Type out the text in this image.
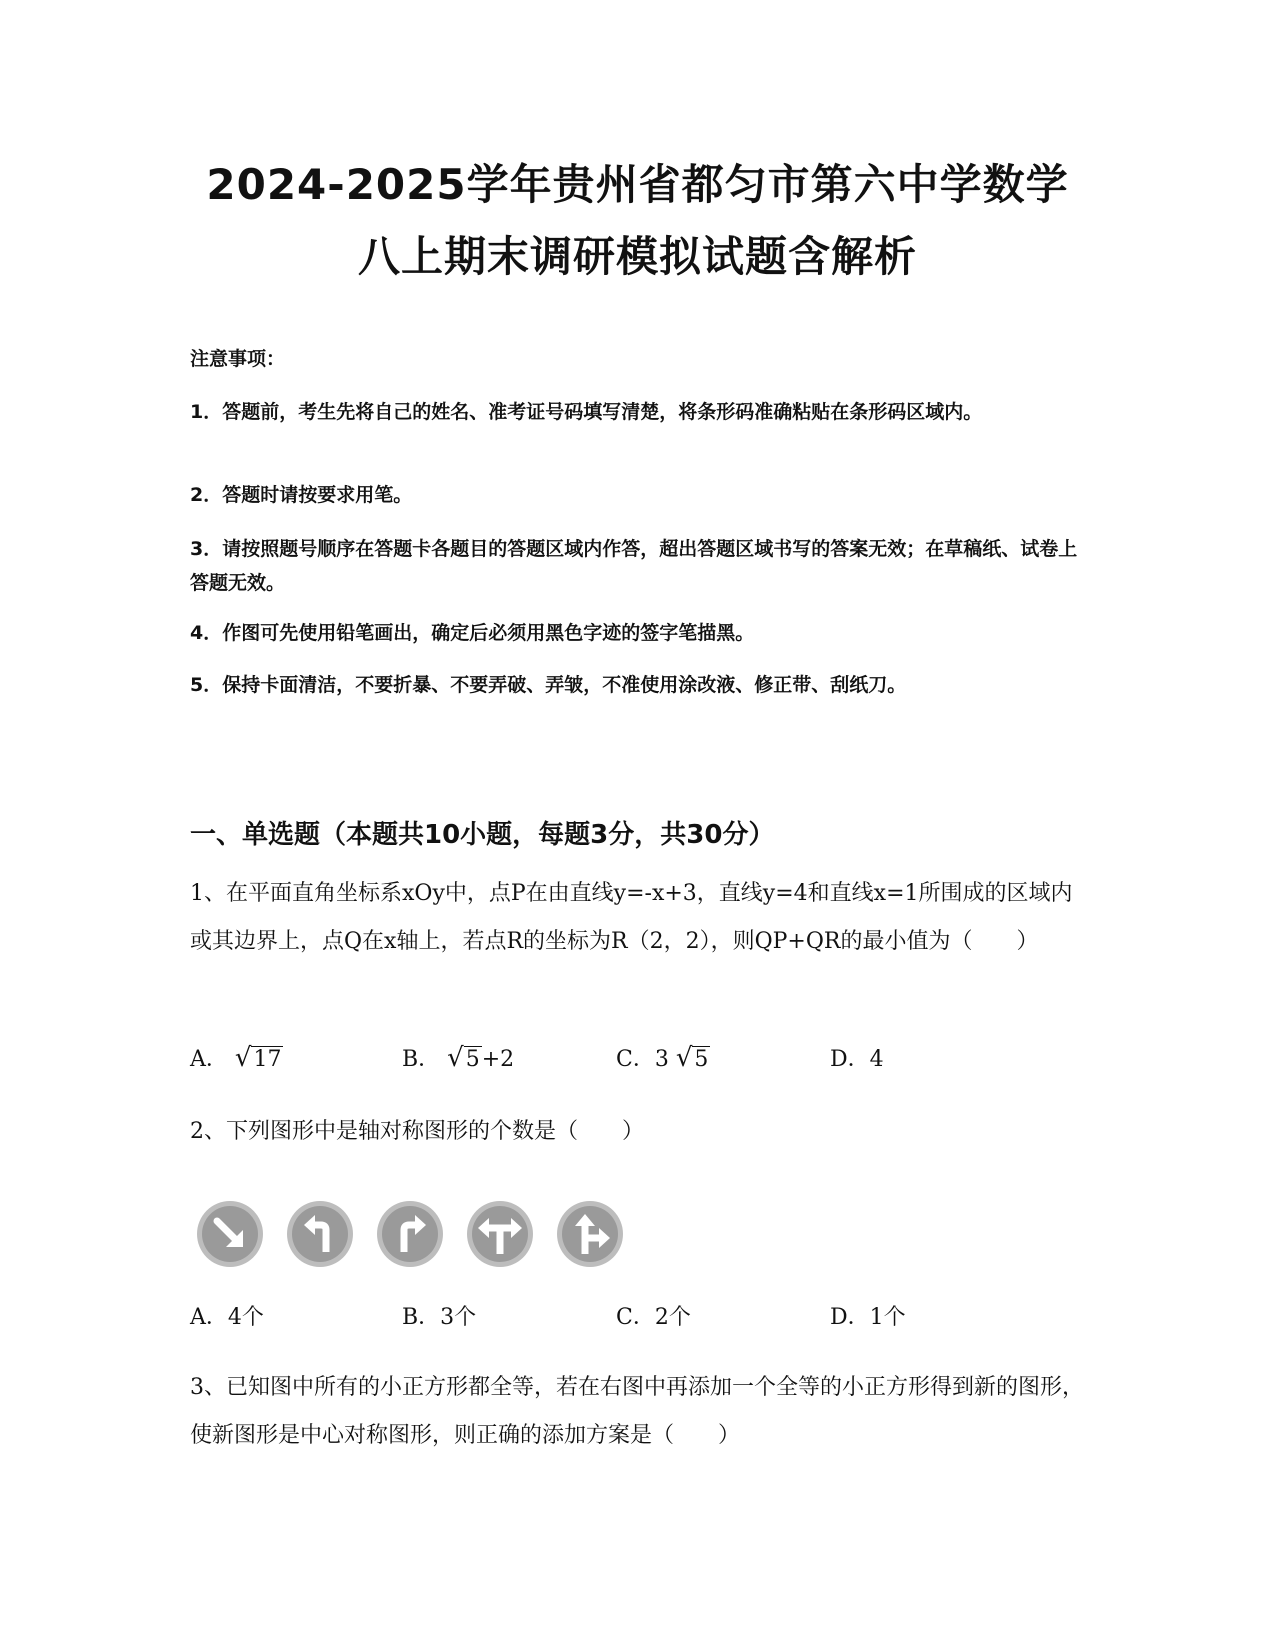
2024-2025学年贵州省都匀市第六中学数学
八上期末调研模拟试题含解析
注意事项：
1．答题前，考生先将自己的姓名、准考证号码填写清楚，将条形码准确粘贴在条形码区域内。
2．答题时请按要求用笔。
3．请按照题号顺序在答题卡各题目的答题区域内作答，超出答题区域书写的答案无效；在草稿纸、试卷上答题无效。
4．作图可先使用铅笔画出，确定后必须用黑色字迹的签字笔描黑。
5．保持卡面清洁，不要折暴、不要弄破、弄皱，不准使用涂改液、修正带、刮纸刀。
一、单选题（本题共10小题，每题3分，共30分）
1、在平面直角坐标系xOy中，点P在由直线y=-x+3，直线y=4和直线x=1所围成的区域内或其边界上，点Q在x轴上，若点R的坐标为R（2，2），则QP+QR的最小值为（　　）
A． √17	B． √5+2	C．3 √5	D．4
2、下列图形中是轴对称图形的个数是（　　）
A．4个	B．3个	C．2个	D．1个
3、已知图中所有的小正方形都全等，若在右图中再添加一个全等的小正方形得到新的图形，使新图形是中心对称图形，则正确的添加方案是（　　）
